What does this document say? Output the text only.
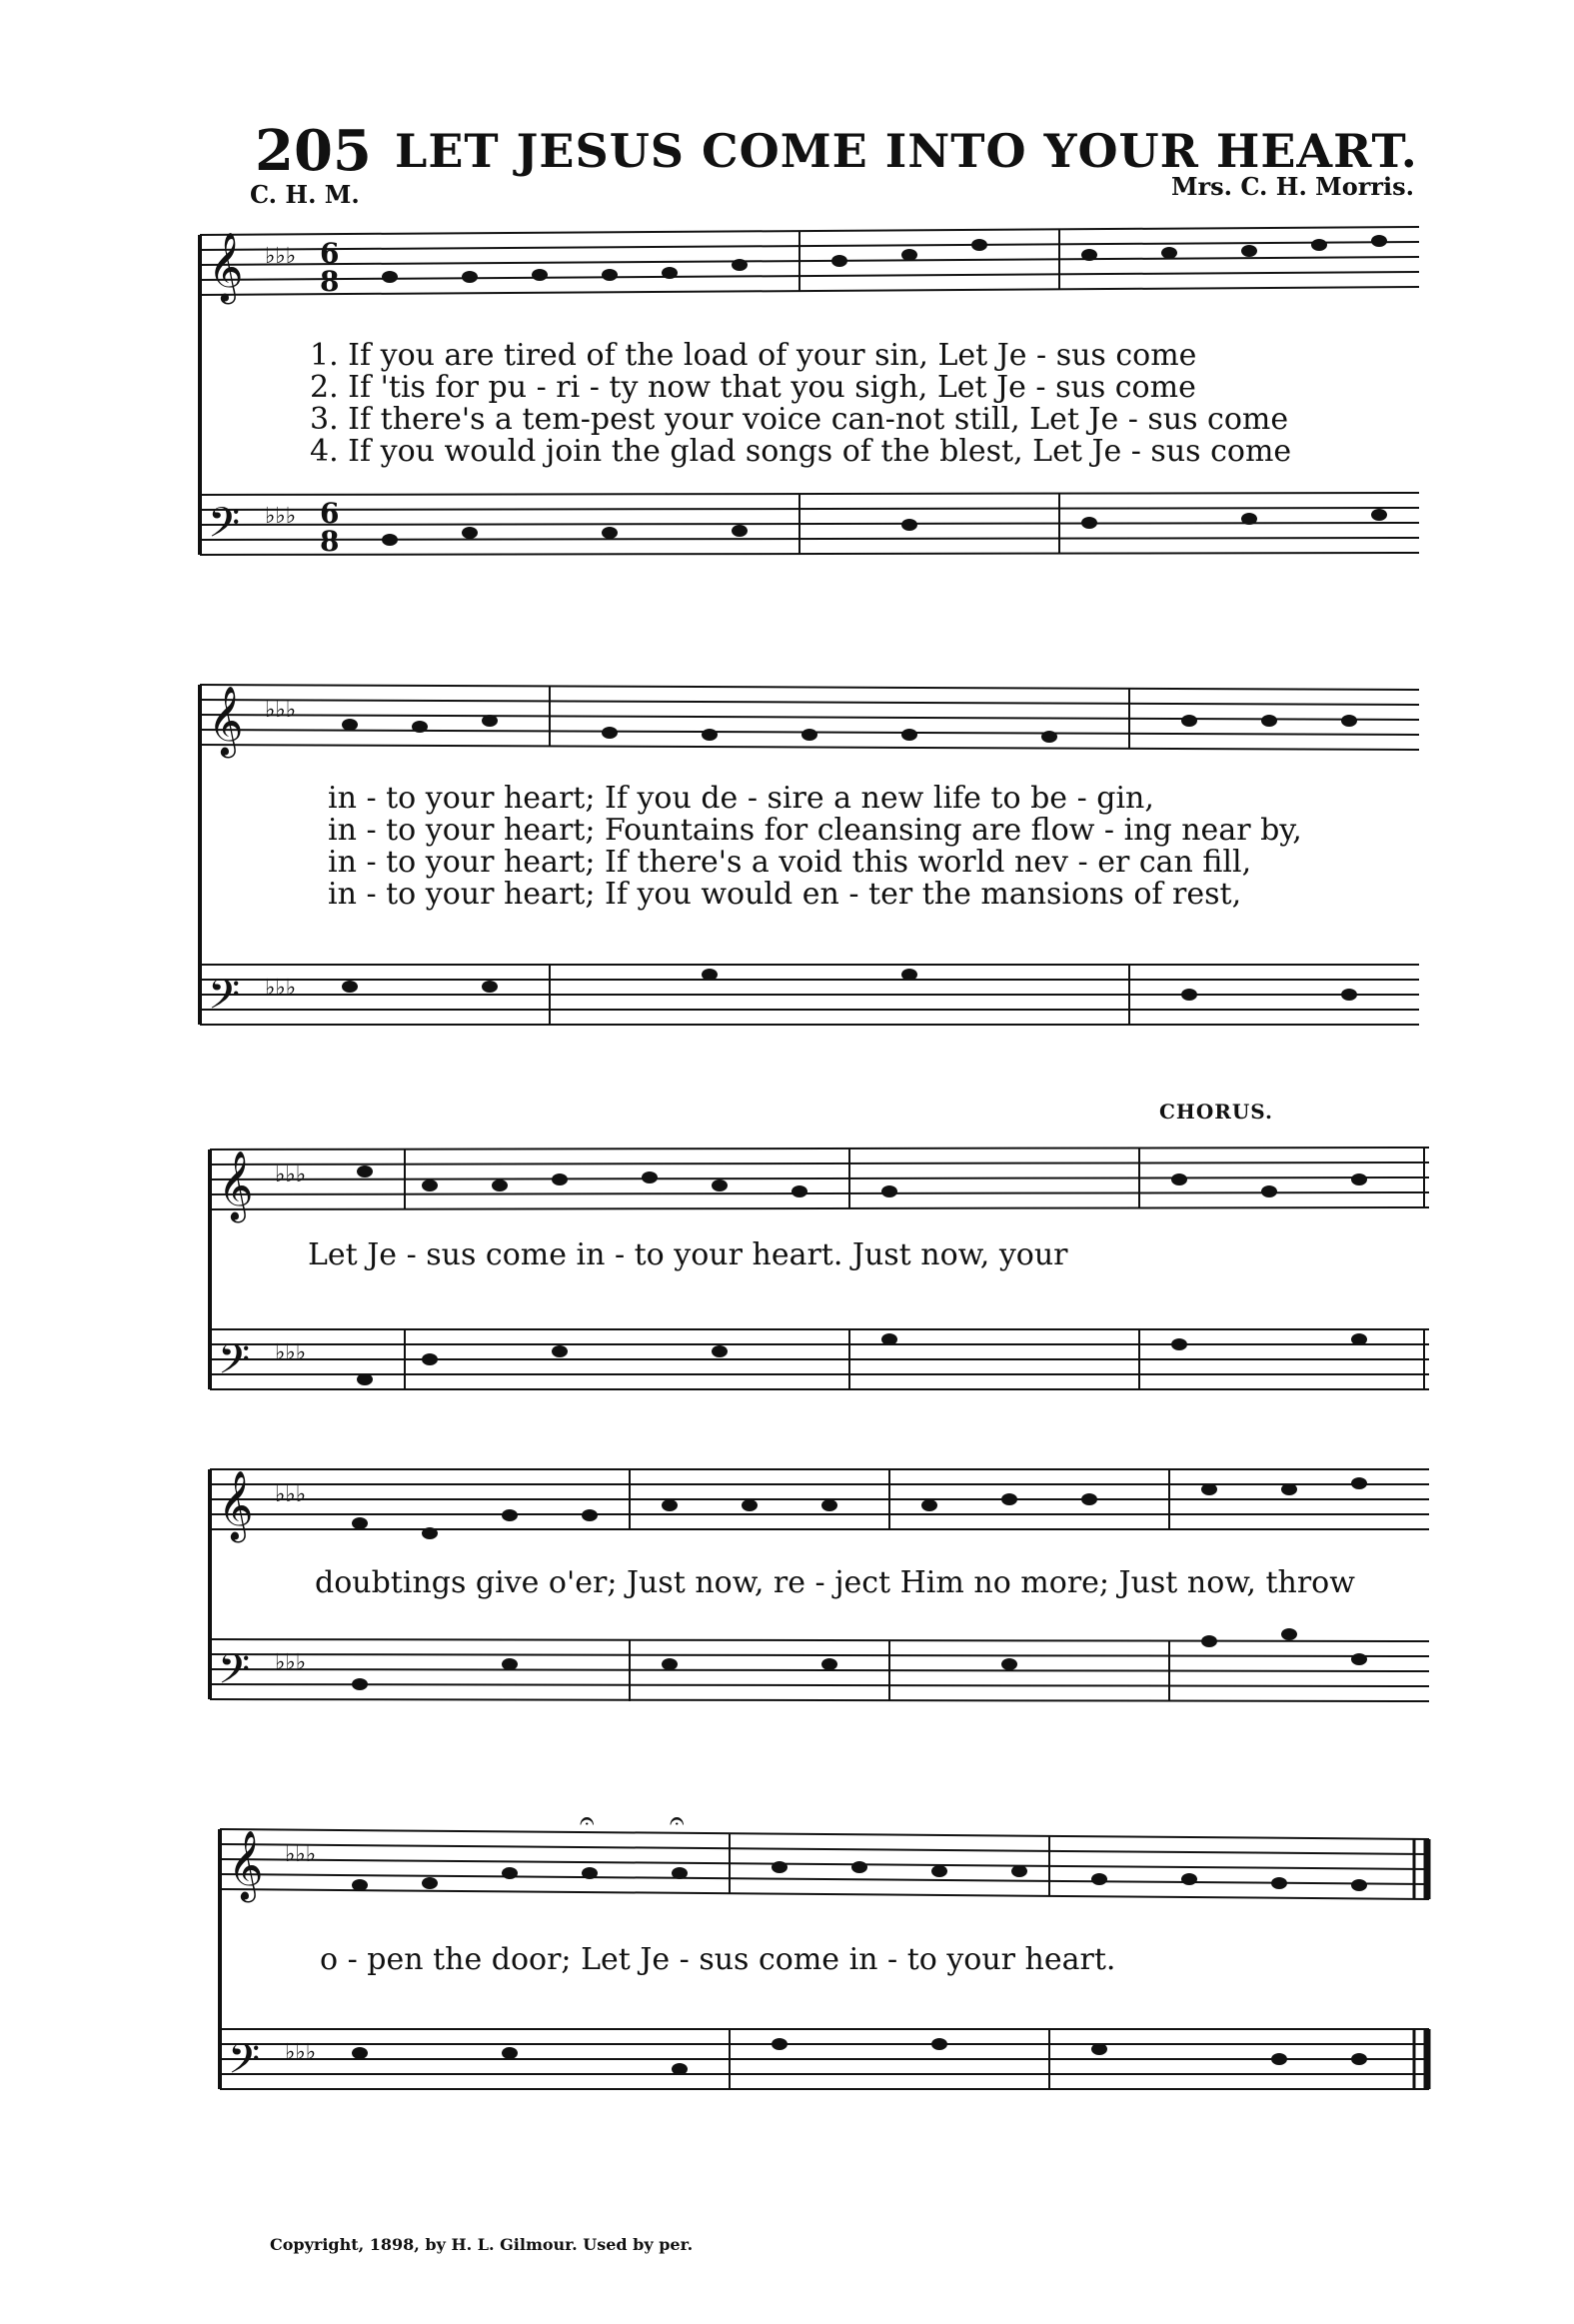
205 LET JESUS COME INTO YOUR HEART.
C. H. M.	Mrs. C. H. Morris.
𝄞
𝄢
♭♭♭
♭♭♭
6
8
6
8
1. If you are tired of the load of your sin, Let Je - sus come
2. If 'tis for pu - ri - ty now that you sigh, Let Je - sus come
3. If there's a tem-pest your voice can-not still, Let Je - sus come
4. If you would join the glad songs of the blest, Let Je - sus come
𝄞
𝄢
♭♭♭
♭♭♭
in - to your heart; If you de - sire a new life to be - gin,
in - to your heart; Fountains for cleansing are flow - ing near by,
in - to your heart; If there's a void this world nev - er can fill,
in - to your heart; If you would en - ter the mansions of rest,
CHORUS.
𝄞
𝄢
♭♭♭
♭♭♭
Let Je - sus come in - to your heart. Just now, your
𝄞
𝄢
♭♭♭
♭♭♭
doubtings give o'er; Just now, re - ject Him no more; Just now, throw
𝄞
𝄢
♭♭♭
♭♭♭
𝄐	𝄐
o - pen the door; Let Je - sus come in - to your heart.
Copyright, 1898, by H. L. Gilmour. Used by per.
